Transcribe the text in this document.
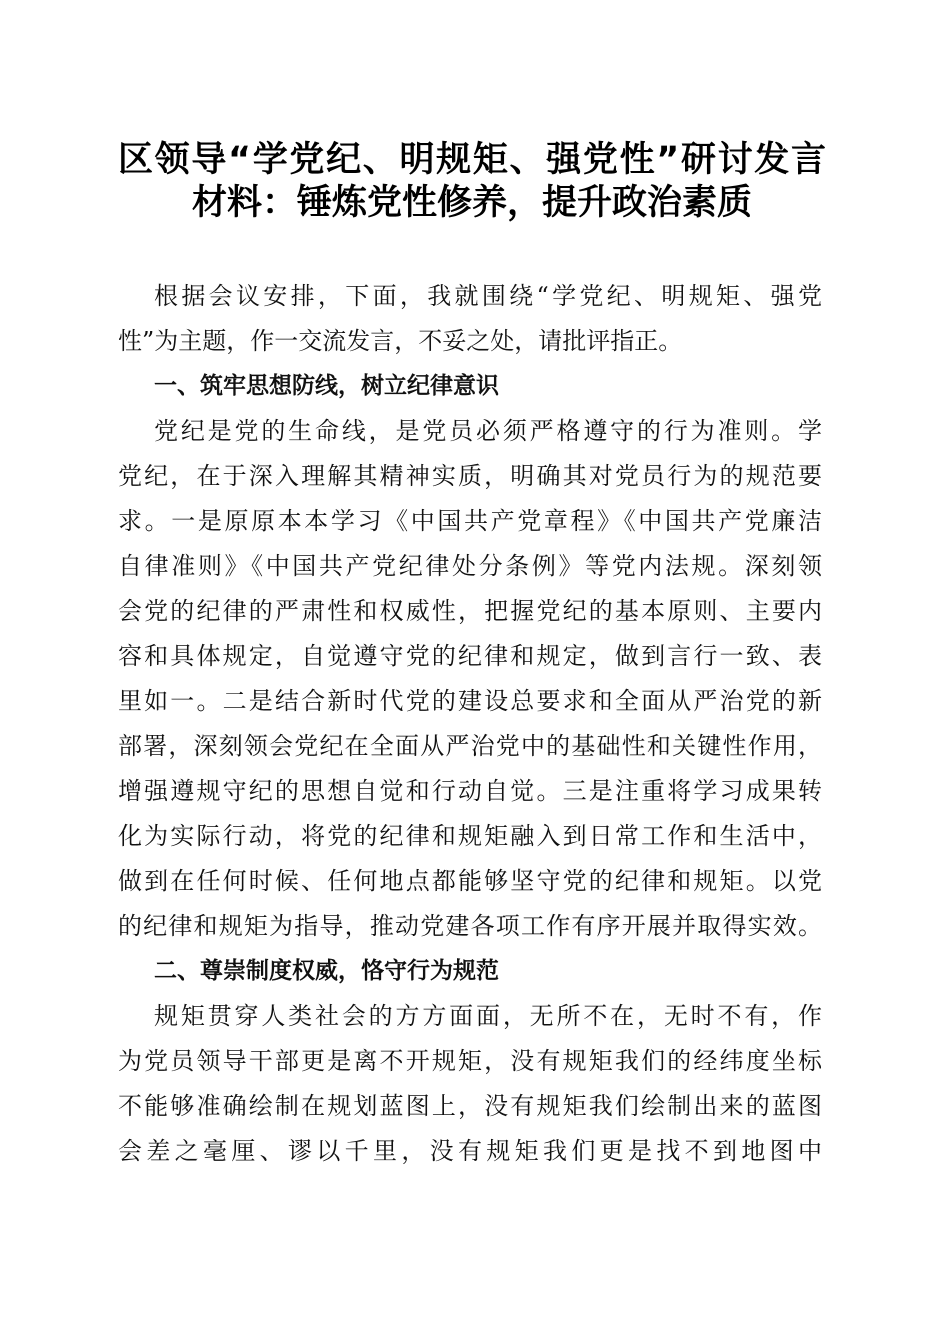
区领导“学党纪、明规矩、强党性”研讨发言
材料：锤炼党性修养，提升政治素质
根据会议安排，下面，我就围绕“学党纪、明规矩、强党
性”为主题，作一交流发言，不妥之处，请批评指正。
一、筑牢思想防线，树立纪律意识
党纪是党的生命线，是党员必须严格遵守的行为准则。学
党纪，在于深入理解其精神实质，明确其对党员行为的规范要
求。一是原原本本学习《中国共产党章程》《中国共产党廉洁
自律准则》《中国共产党纪律处分条例》等党内法规。深刻领
会党的纪律的严肃性和权威性，把握党纪的基本原则、主要内
容和具体规定，自觉遵守党的纪律和规定，做到言行一致、表
里如一。二是结合新时代党的建设总要求和全面从严治党的新
部署，深刻领会党纪在全面从严治党中的基础性和关键性作用，
增强遵规守纪的思想自觉和行动自觉。三是注重将学习成果转
化为实际行动，将党的纪律和规矩融入到日常工作和生活中，
做到在任何时候、任何地点都能够坚守党的纪律和规矩。以党
的纪律和规矩为指导，推动党建各项工作有序开展并取得实效。
二、尊崇制度权威，恪守行为规范
规矩贯穿人类社会的方方面面，无所不在，无时不有，作
为党员领导干部更是离不开规矩，没有规矩我们的经纬度坐标
不能够准确绘制在规划蓝图上，没有规矩我们绘制出来的蓝图
会差之毫厘、谬以千里，没有规矩我们更是找不到地图中
